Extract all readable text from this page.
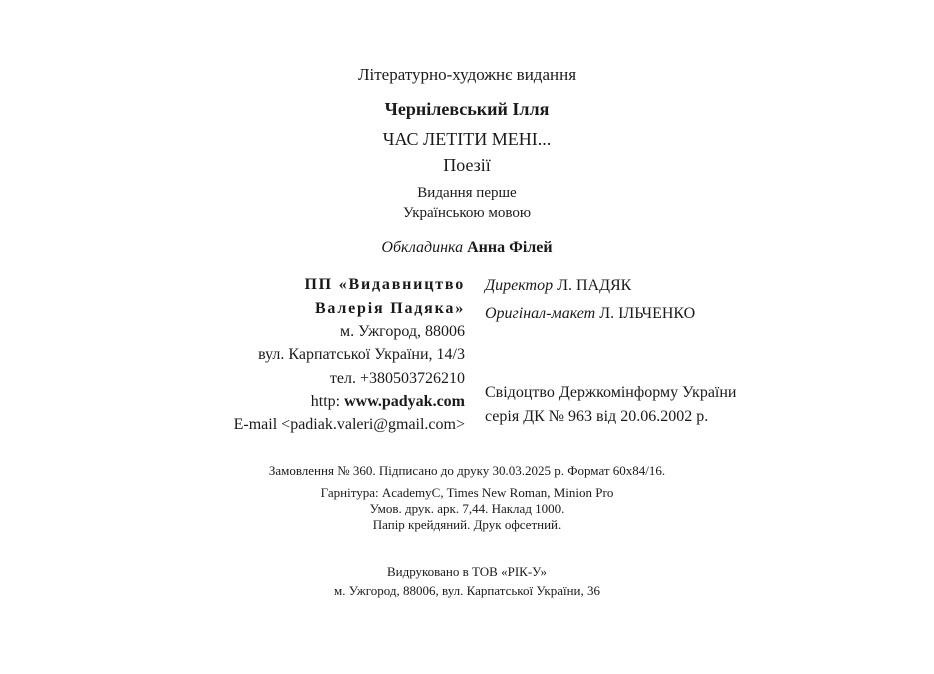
Літературно-художнє видання
Чернілевський Ілля
ЧАС ЛЕТІТИ МЕНІ...
Поезії
Видання перше
Українською мовою
Обкладинка Анна Філей
ПП «Видавництво
Валерія Падяка»
м. Ужгород, 88006
вул. Карпатської України, 14/3
тел. +380503726210
http: www.padyak.com
E-mail <padiak.valeri@gmail.com>
Директор Л. ПАДЯК
Оригінал-макет Л. ІЛЬЧЕНКО
Свідоцтво Держкомінформу України
серія ДК № 963 від 20.06.2002 р.
Замовлення № 360. Підписано до друку 30.03.2025 р. Формат 60x84/16.
Гарнітура: AcademyC, Times New Roman, Minion Pro
Умов. друк. арк. 7,44. Наклад 1000.
Папір крейдяний. Друк офсетний.
Видруковано в ТОВ «РІК-У»
м. Ужгород, 88006, вул. Карпатської України, 36
